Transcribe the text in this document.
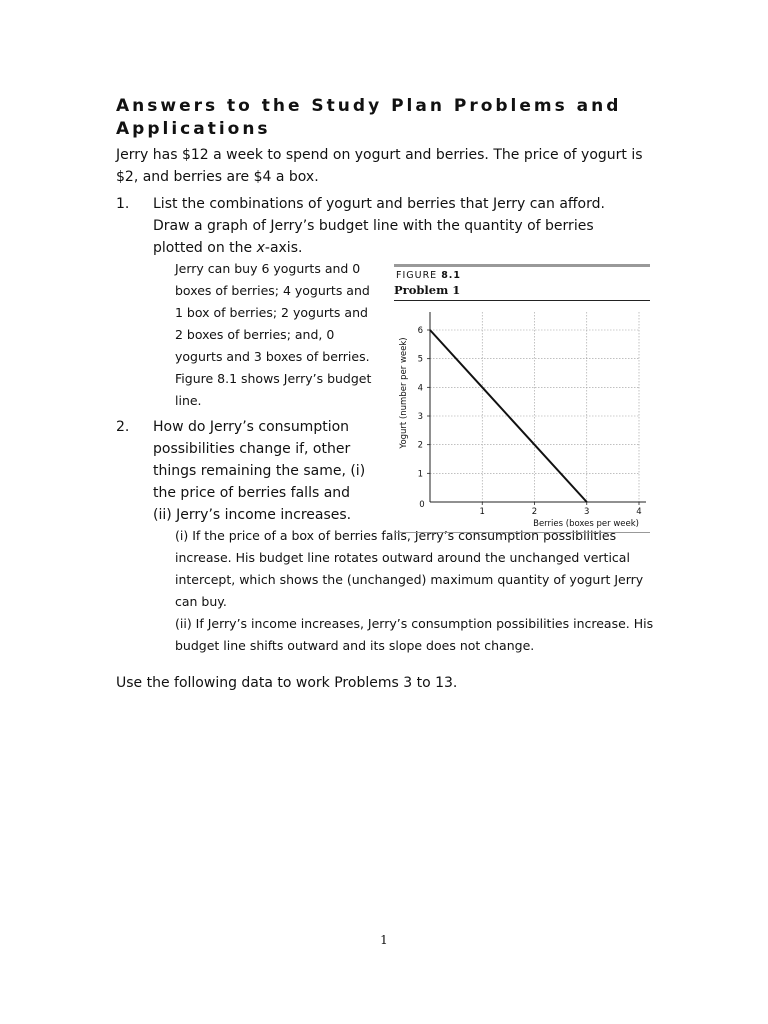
Answers to the Study Plan Problems and Applications

Jerry has $12 a week to spend on yogurt and berries. The price of yogurt is $2, and berries are $4 a box.

1. List the combinations of yogurt and berries that Jerry can afford. Draw a graph of Jerry’s budget line with the quantity of berries plotted on the x-axis.

Jerry can buy 6 yogurts and 0 boxes of berries; 4 yogurts and 1 box of berries; 2 yogurts and 2 boxes of berries; and, 0 yogurts and 3 boxes of berries. Figure 8.1 shows Jerry’s budget line.

2. How do Jerry’s consumption possibilities change if, other things remaining the same, (i) the price of berries falls and (ii) Jerry’s income increases.

(i) If the price of a box of berries falls, Jerry’s consumption possibilities increase. His budget line rotates outward around the unchanged vertical intercept, which shows the (unchanged) maximum quantity of yogurt Jerry can buy.

(ii) If Jerry’s income increases, Jerry’s consumption possibilities increase. His budget line shifts outward and its slope does not change.

Use the following data to work Problems 3 to 13.

1
FIGURE 8.1
Problem 1
0
1	2	3	4
1
2
3
4
5
6
Berries (boxes per week)
Yogurt (number per week)
